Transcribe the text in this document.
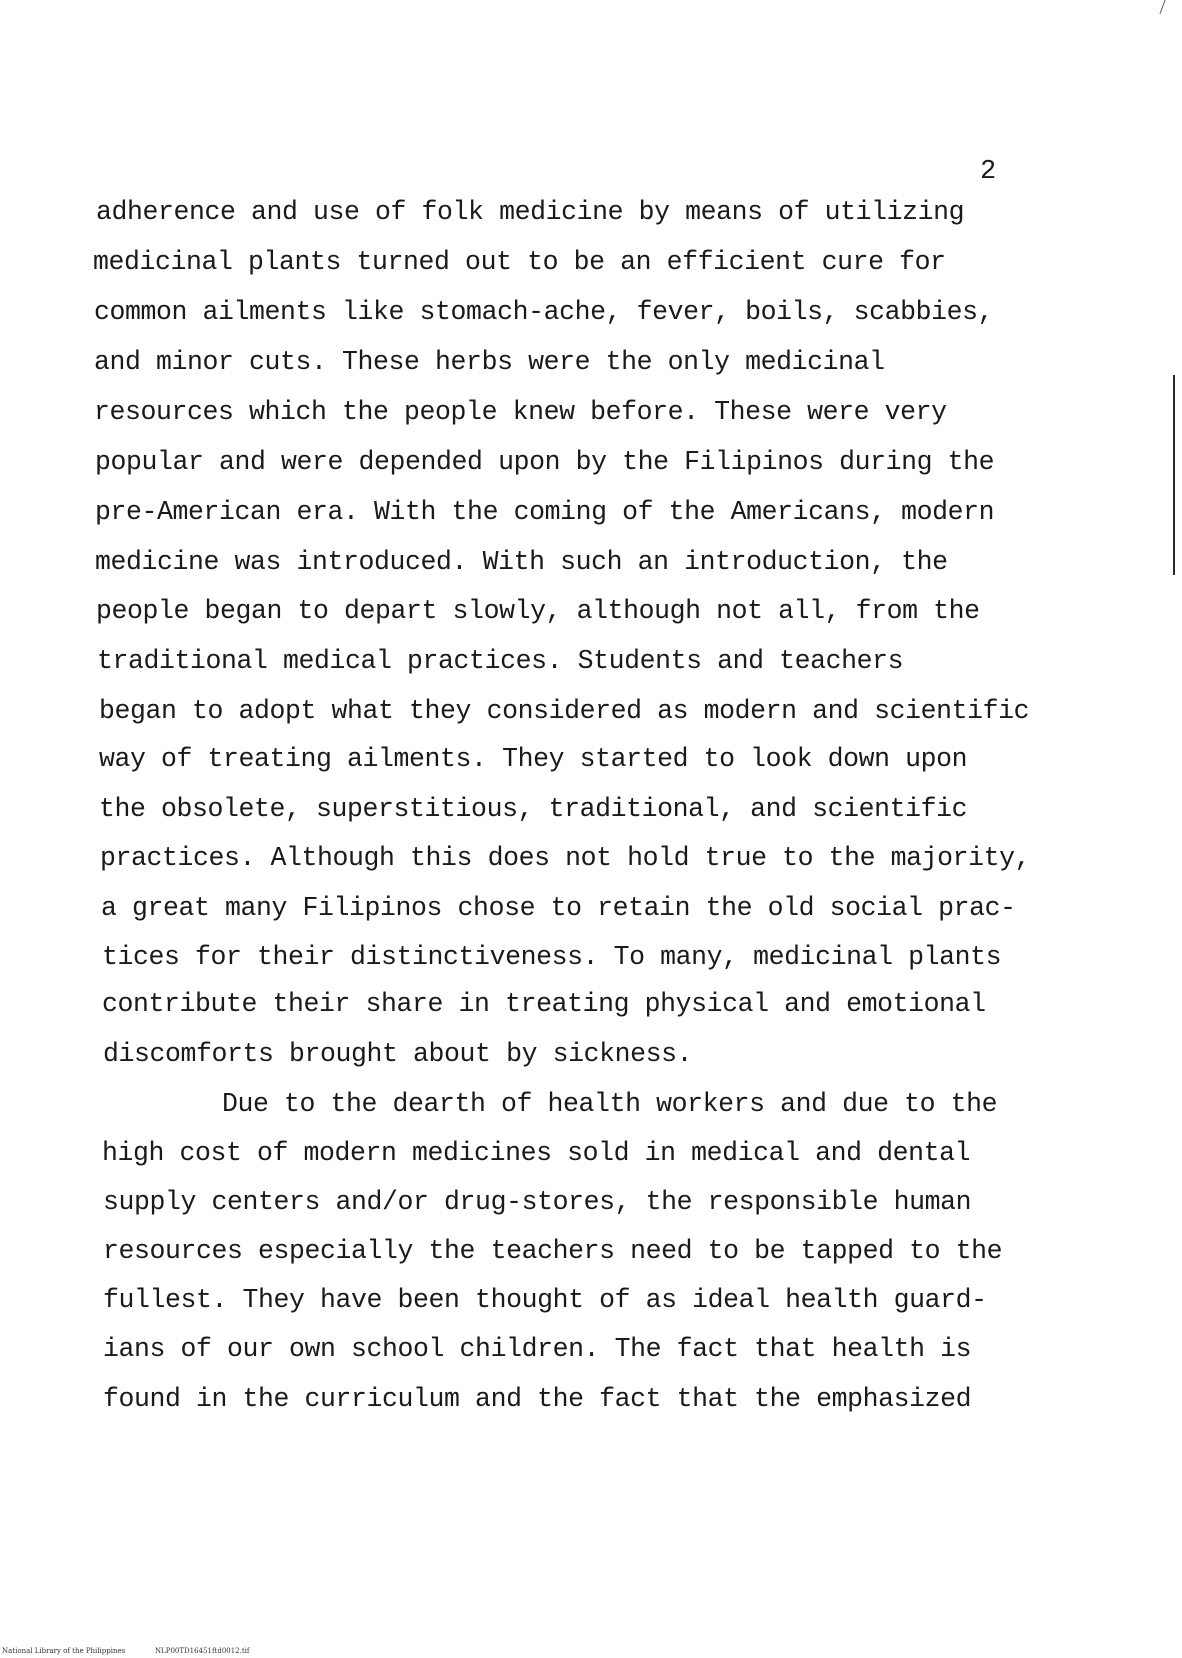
2
adherence and use of folk medicine by means of utilizing
medicinal plants turned out to be an efficient cure for
common ailments like stomach-ache, fever, boils, scabbies,
and minor cuts. These herbs were the only medicinal
resources which the people knew before. These were very
popular and were depended upon by the Filipinos during the
pre-American era. With the coming of the Americans, modern
medicine was introduced. With such an introduction, the
people began to depart slowly, although not all, from the
traditional medical practices. Students and teachers
began to adopt what they considered as modern and scientific
way of treating ailments. They started to look down upon
the obsolete, superstitious, traditional, and scientific
practices. Although this does not hold true to the majority,
a great many Filipinos chose to retain the old social prac-
tices for their distinctiveness. To many, medicinal plants
contribute their share in treating physical and emotional
discomforts brought about by sickness.
Due to the dearth of health workers and due to the
high cost of modern medicines sold in medical and dental
supply centers and/or drug-stores, the responsible human
resources especially the teachers need to be tapped to the
fullest. They have been thought of as ideal health guard-
ians of our own school children. The fact that health is
found in the curriculum and the fact that the emphasized
National Library of the Philippines	NLP00TD16451ftd0012.tif
